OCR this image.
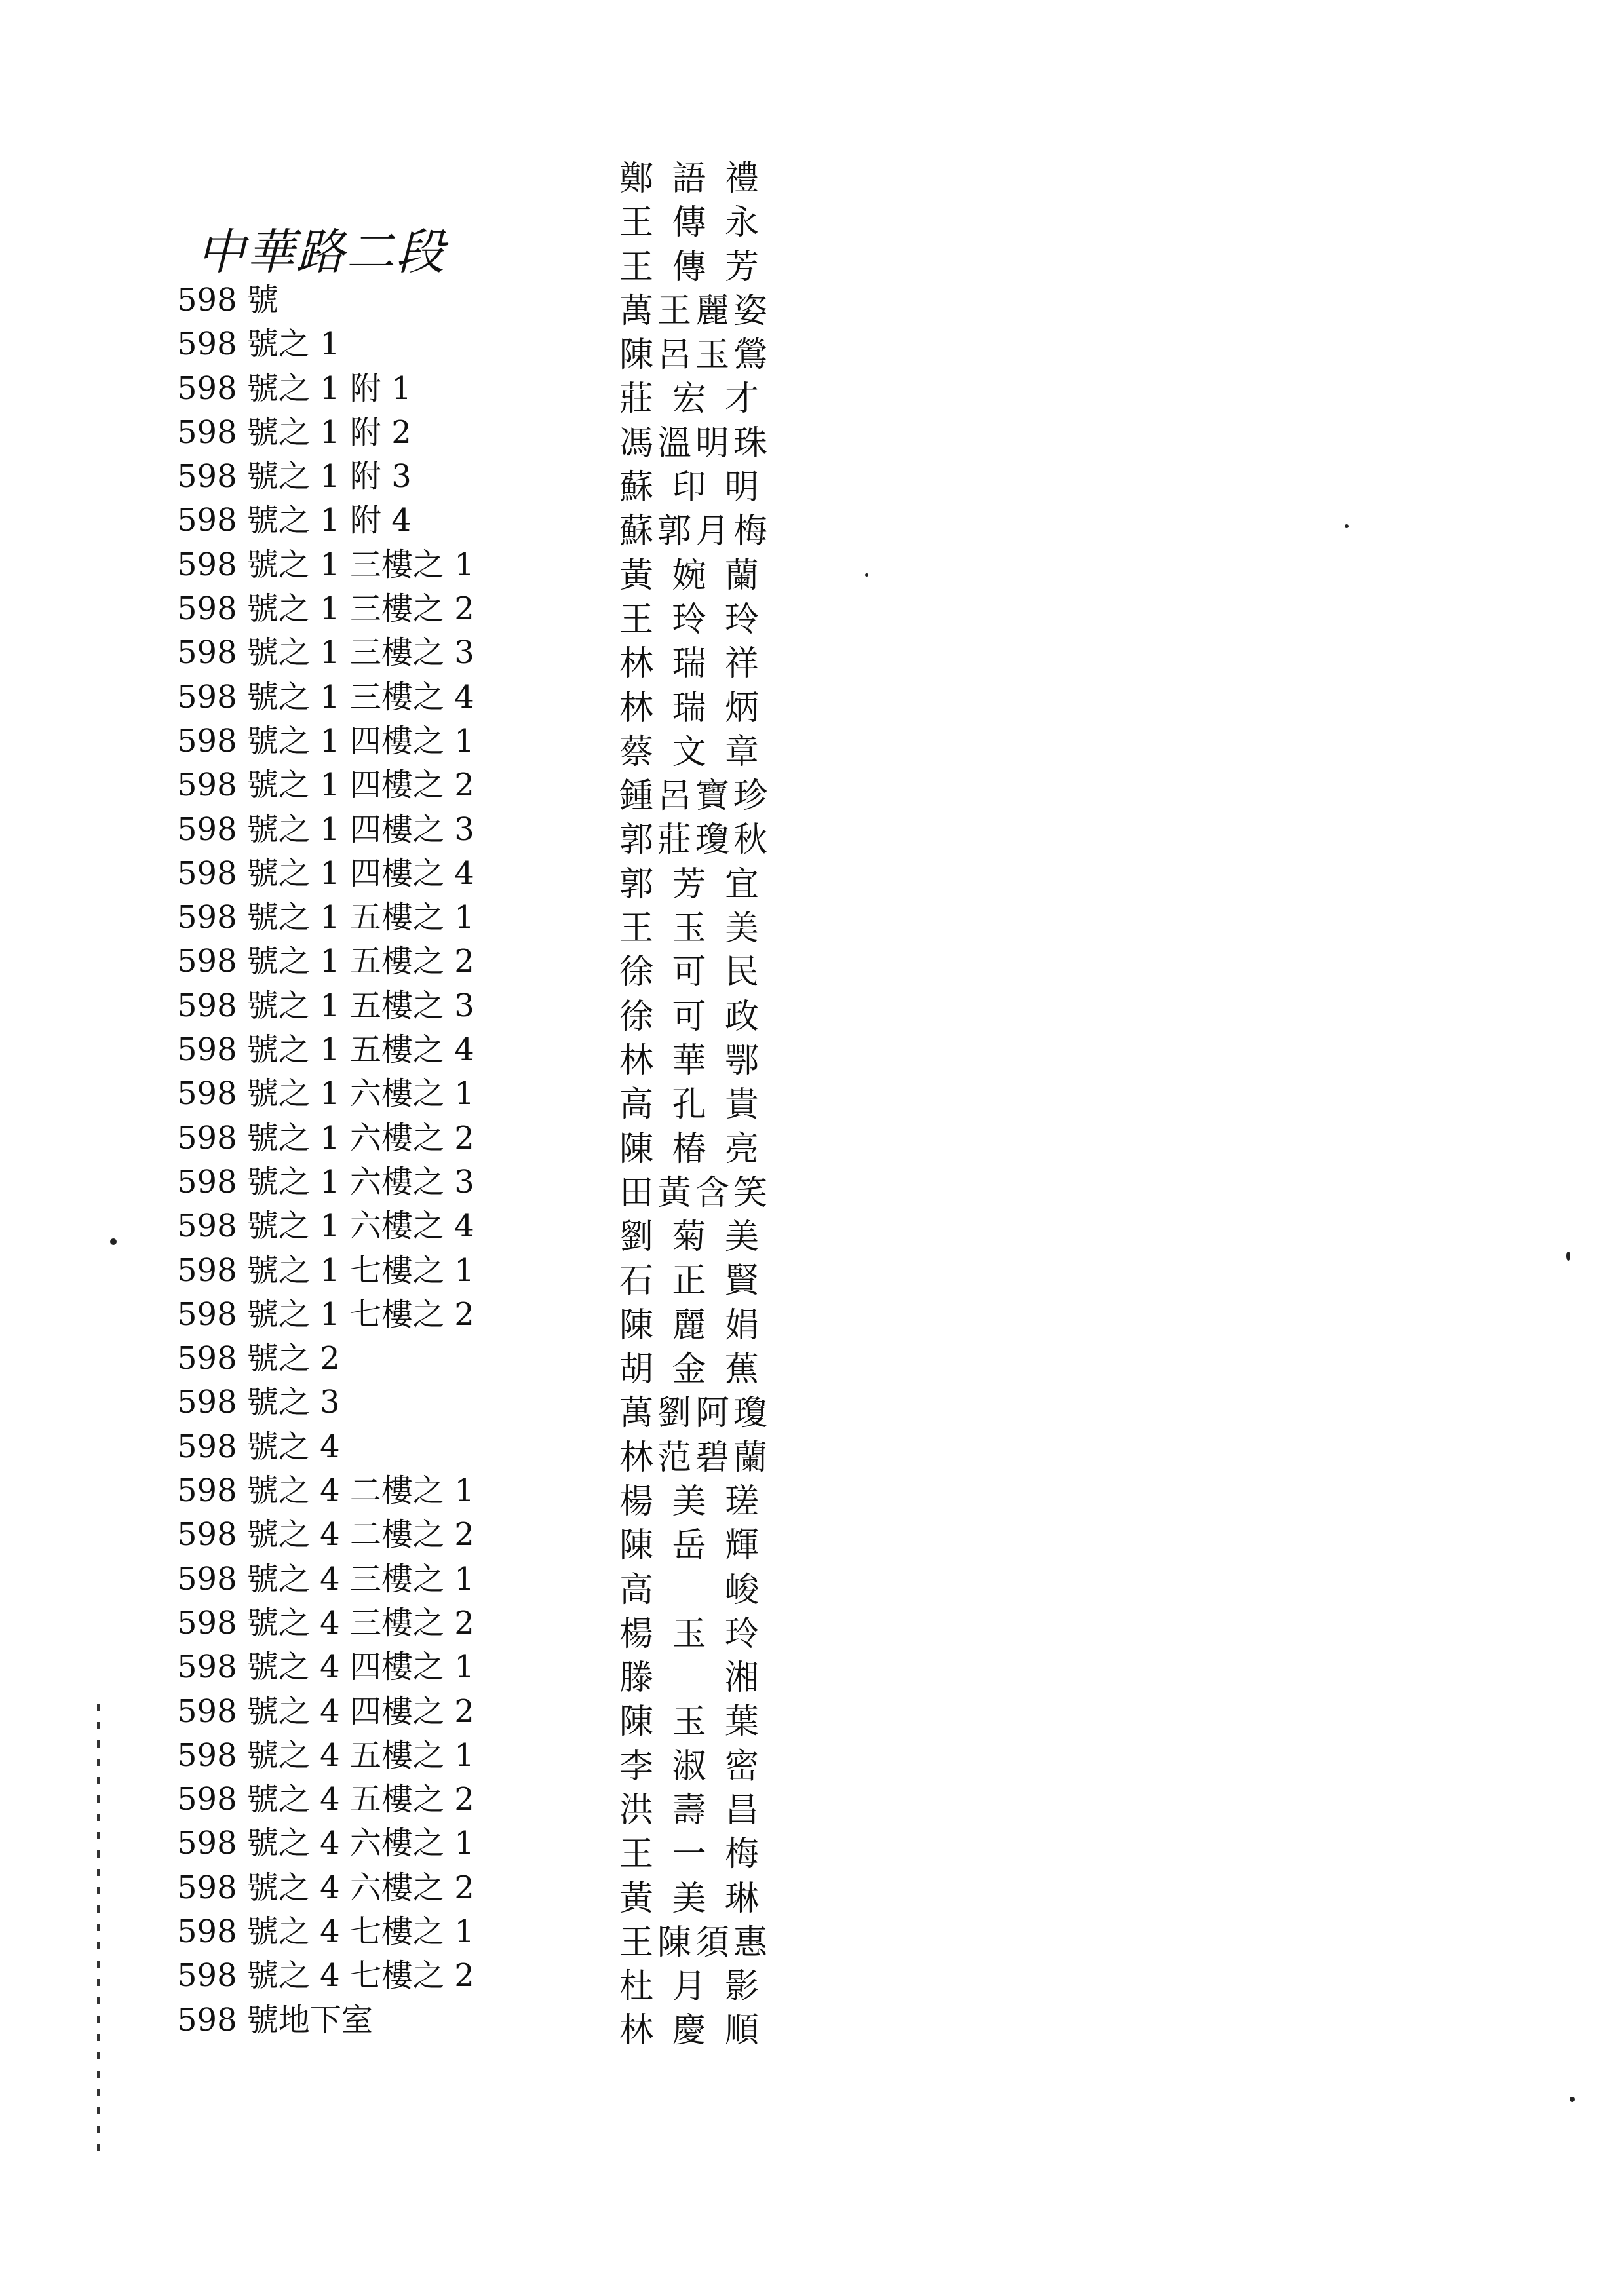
中華路二段
598 號
598 號之 1
598 號之 1 附 1
598 號之 1 附 2
598 號之 1 附 3
598 號之 1 附 4
598 號之 1 三樓之 1
598 號之 1 三樓之 2
598 號之 1 三樓之 3
598 號之 1 三樓之 4
598 號之 1 四樓之 1
598 號之 1 四樓之 2
598 號之 1 四樓之 3
598 號之 1 四樓之 4
598 號之 1 五樓之 1
598 號之 1 五樓之 2
598 號之 1 五樓之 3
598 號之 1 五樓之 4
598 號之 1 六樓之 1
598 號之 1 六樓之 2
598 號之 1 六樓之 3
598 號之 1 六樓之 4
598 號之 1 七樓之 1
598 號之 1 七樓之 2
598 號之 2
598 號之 3
598 號之 4
598 號之 4 二樓之 1
598 號之 4 二樓之 2
598 號之 4 三樓之 1
598 號之 4 三樓之 2
598 號之 4 四樓之 1
598 號之 4 四樓之 2
598 號之 4 五樓之 1
598 號之 4 五樓之 2
598 號之 4 六樓之 1
598 號之 4 六樓之 2
598 號之 4 七樓之 1
598 號之 4 七樓之 2
598 號地下室
鄭 語 禮
王 傳 永
王 傳 芳
萬王麗姿
陳呂玉鶯
莊 宏 才
馮溫明珠
蘇 印 明
蘇郭月梅
黃 婉 蘭
王 玲 玲
林 瑞 祥
林 瑞 炳
蔡 文 章
鍾呂寶珍
郭莊瓊秋
郭 芳 宜
王 玉 美
徐 可 民
徐 可 政
林 華 鄂
高 孔 貴
陳 椿 亮
田黃含笑
劉 菊 美
石 正 賢
陳 麗 娟
胡 金 蕉
萬劉阿瓊
林范碧蘭
楊 美 瑳
陳 岳 輝
高 　 峻
楊 玉 玲
滕 　 湘
陳 玉 葉
李 淑 密
洪 壽 昌
王 一 梅
黃 美 琳
王陳須惠
杜 月 影
林 慶 順
